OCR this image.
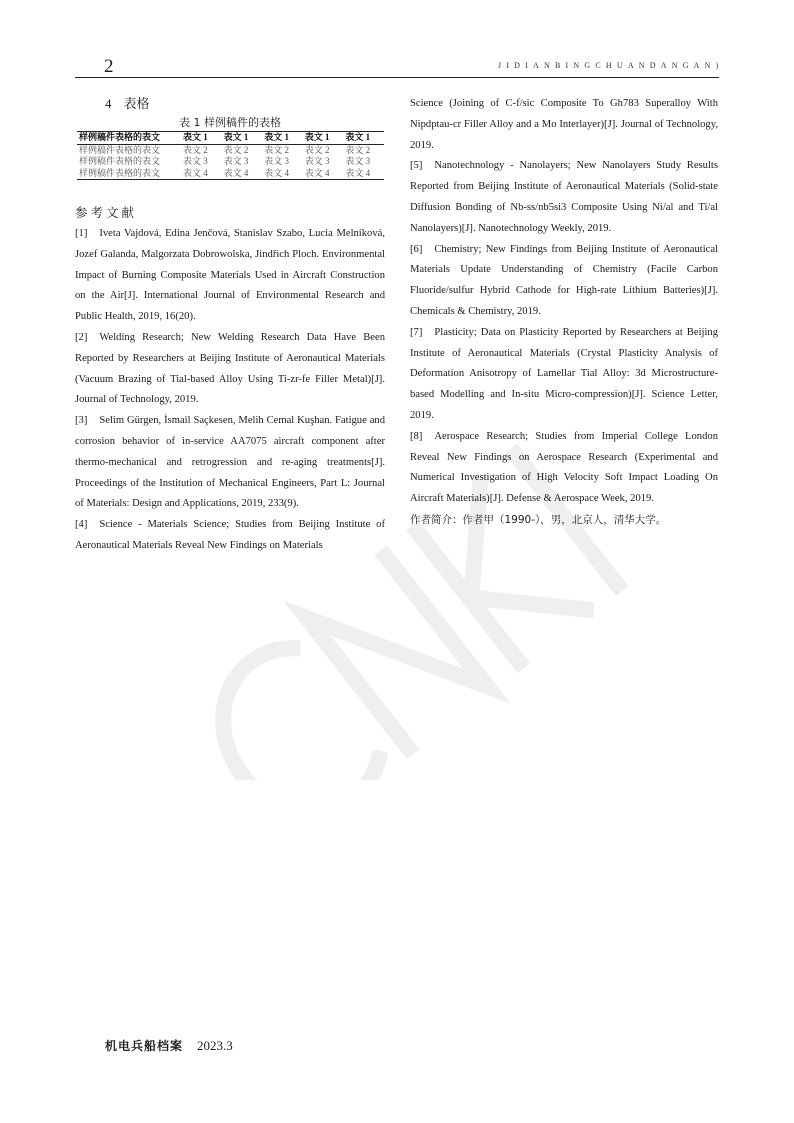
2	JIDIANBINGCHUANDANGAN)
4 表格
表 1 样例稿件的表格
样例稿件表格的表文	表文 1	表文 1	表文 1	表文 1	表文 1
样例稿件表格的表文	表文 2	表文 2	表文 2	表文 2	表文 2
样例稿件表格的表文	表文 3	表文 3	表文 3	表文 3	表文 3
样例稿件表格的表文	表文 4	表文 4	表文 4	表文 4	表文 4
参考文献

[1] Iveta Vajdová, Edina Jenčová, Stanislav Szabo, Lucia Melníková, Jozef Galanda, Malgorzata Dobrowolska, Jindřich Ploch. Environmental Impact of Burning Composite Materials Used in Aircraft Construction on the Air[J]. International Journal of Environmental Research and Public Health, 2019, 16(20).

[2] Welding Research; New Welding Research Data Have Been Reported by Researchers at Beijing Institute of Aeronautical Materials (Vacuum Brazing of Tial-based Alloy Using Ti-zr-fe Filler Metal)[J]. Journal of Technology, 2019.

[3] Selim Gürgen, İsmail Saçkesen, Melih Cemal Kuşhan. Fatigue and corrosion behavior of in-service AA7075 aircraft component after thermo-mechanical and retrogression and re-aging treatments[J]. Proceedings of the Institution of Mechanical Engineers, Part L: Journal of Materials: Design and Applications, 2019, 233(9).

[4] Science - Materials Science; Studies from Beijing Institute of Aeronautical Materials Reveal New Findings on Materials

Science (Joining of C-f/sic Composite To Gh783 Superalloy With Nipdptau-cr Filler Alloy and a Mo Interlayer)[J]. Journal of Technology, 2019.

[5] Nanotechnology - Nanolayers; New Nanolayers Study Results Reported from Beijing Institute of Aeronautical Materials (Solid-state Diffusion Bonding of Nb-ss/nb5si3 Composite Using Ni/al and Ti/al Nanolayers)[J]. Nanotechnology Weekly, 2019.

[6] Chemistry; New Findings from Beijing Institute of Aeronautical Materials Update Understanding of Chemistry (Facile Carbon Fluoride/sulfur Hybrid Cathode for High-rate Lithium Batteries)[J]. Chemicals & Chemistry, 2019.

[7] Plasticity; Data on Plasticity Reported by Researchers at Beijing Institute of Aeronautical Materials (Crystal Plasticity Analysis of Deformation Anisotropy of Lamellar Tial Alloy: 3d Microstructure-based Modelling and In-situ Micro-compression)[J]. Science Letter, 2019.

[8] Aerospace Research; Studies from Imperial College London Reveal New Findings on Aerospace Research (Experimental and Numerical Investigation of High Velocity Soft Impact Loading On Aircraft Materials)[J]. Defense & Aerospace Week, 2019.

作者简介：作者甲（1990-），男，北京人，清华大学。

机电兵船档案 2023.3
